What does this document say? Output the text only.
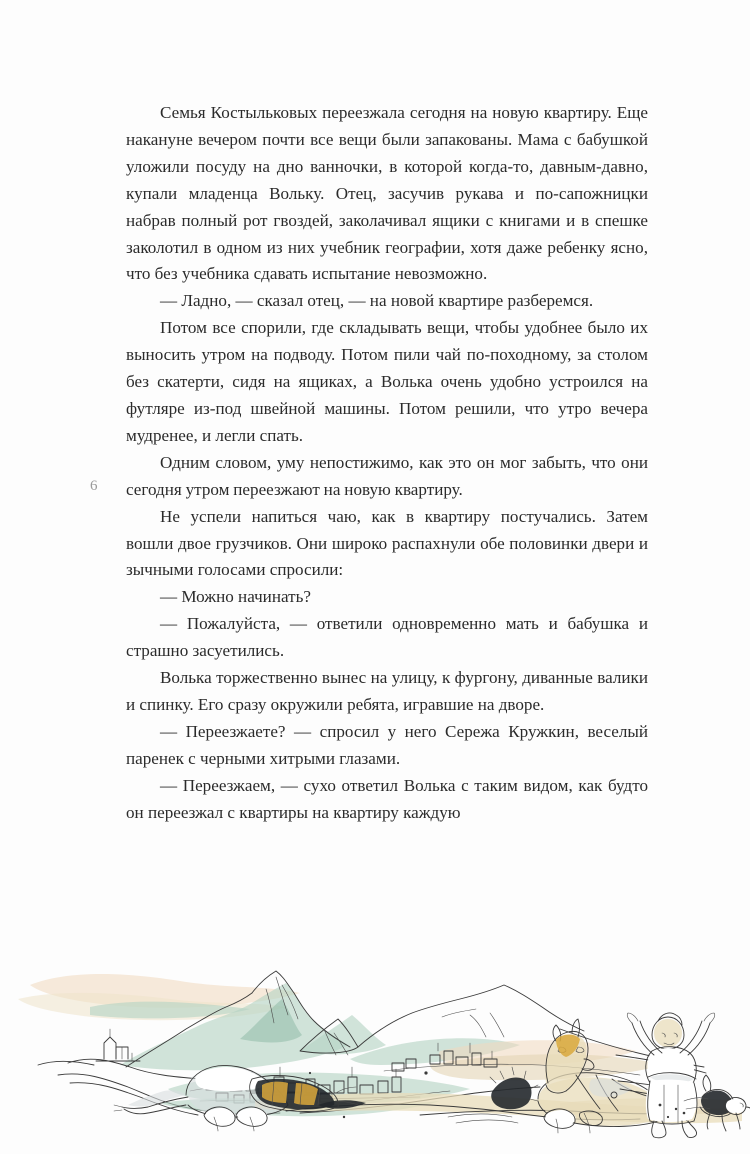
6

Семья Костыльковых переезжала сегодня на новую квартиру. Еще накануне вечером почти все вещи были запакованы. Мама с бабушкой уложили посуду на дно ванночки, в которой когда-то, давным-давно, купали младенца Вольку. Отец, засучив рукава и по-сапожницки набрав полный рот гвоздей, заколачивал ящики с книгами и в спешке заколотил в одном из них учебник географии, хотя даже ребенку ясно, что без учебника сдавать испытание невозможно.

— Ладно, — сказал отец, — на новой квартире разберемся.

Потом все спорили, где складывать вещи, чтобы удобнее было их выносить утром на подводу. Потом пили чай по-походному, за столом без скатерти, сидя на ящиках, а Волька очень удобно устроился на футляре из-под швейной машины. Потом решили, что утро вечера мудренее, и легли спать.

Одним словом, уму непостижимо, как это он мог забыть, что они сегодня утром переезжают на новую квартиру.

Не успели напиться чаю, как в квартиру постучались. Затем вошли двое грузчиков. Они широко распахнули обе половинки двери и зычными голосами спросили:

— Можно начинать?

— Пожалуйста, — ответили одновременно мать и бабушка и страшно засуетились.

Волька торжественно вынес на улицу, к фургону, диванные валики и спинку. Его сразу окружили ребята, игравшие на дворе.

— Переезжаете? — спросил у него Сережа Кружкин, веселый паренек с черными хитрыми глазами.

— Переезжаем, — сухо ответил Волька с таким видом, как будто он переезжал с квартиры на квартиру каждую
